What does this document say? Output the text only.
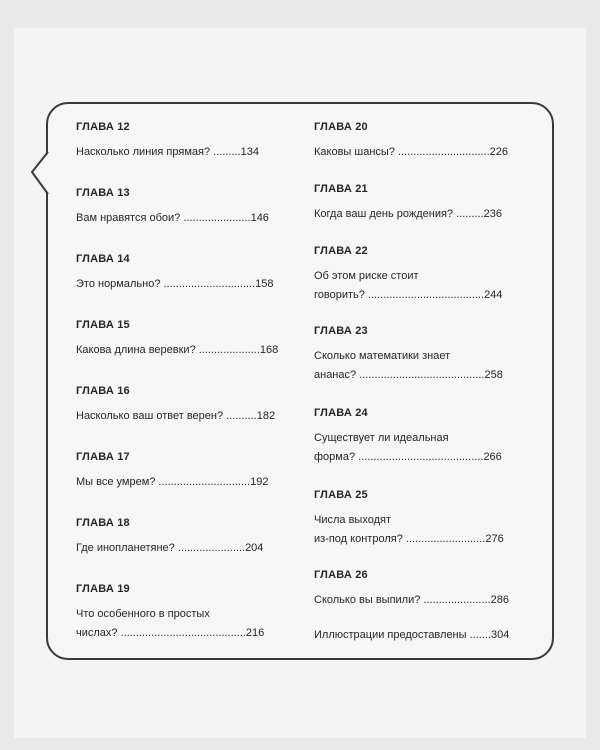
ГЛАВА 12
Насколько линия прямая? .........134
ГЛАВА 13
Вам нравятся обои? ......................146
ГЛАВА 14
Это нормально? ..............................158
ГЛАВА 15
Какова длина веревки? ....................168
ГЛАВА 16
Насколько ваш ответ верен? ..........182
ГЛАВА 17
Мы все умрем? ..............................192
ГЛАВА 18
Где инопланетяне? ......................204
ГЛАВА 19
Что особенного в простых
числах? .........................................216
ГЛАВА 20
Каковы шансы? ..............................226
ГЛАВА 21
Когда ваш день рождения? .........236
ГЛАВА 22
Об этом риске стоит
говорить? ......................................244
ГЛАВА 23
Сколько математики знает
ананас? .........................................258
ГЛАВА 24
Существует ли идеальная
форма? .........................................266
ГЛАВА 25
Числа выходят
из-под контроля? ..........................276
ГЛАВА 26
Сколько вы выпили? ......................286
Иллюстрации предоставлены .......304
